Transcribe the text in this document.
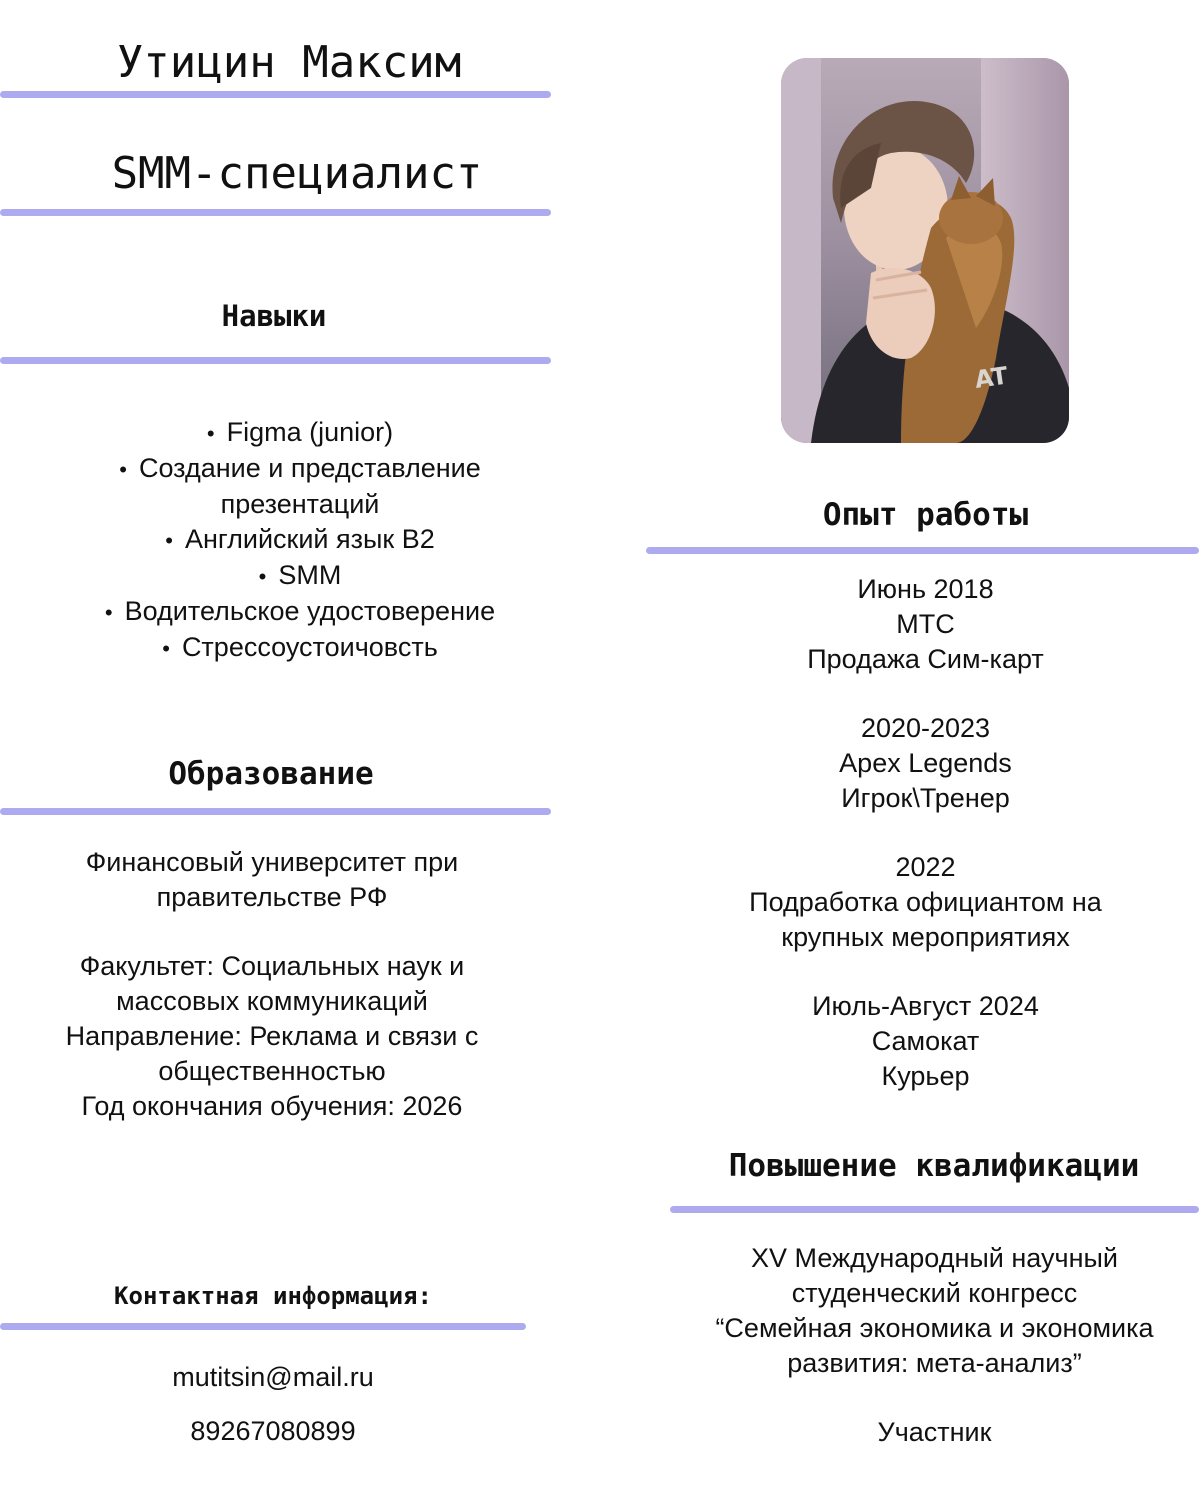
Утицин Максим
SMM-специалист
Навыки
• Figma (junior)
• Создание и представление
презентаций
• Английский язык B2
• SMM
• Водительское удостоверение
• Стрессоустоичовсть
Образование
Финансовый университет при
правительстве РФ
Факультет: Социальных наук и
массовых коммуникаций
Направление: Реклама и связи с
общественностью
Год окончания обучения: 2026
Контактная информация:
mutitsin@mail.ru
89267080899
AT
Опыт работы
Июнь 2018
МТС
Продажа Сим-карт
2020-2023
Apex Legends
Игрок\Тренер
2022
Подработка официантом на
крупных мероприятиях
Июль-Август 2024
Самокат
Курьер
Повышение квалификации
XV Международный научный
студенческий конгресс
“Семейная экономика и экономика
развития: мета-анализ”
Участник
